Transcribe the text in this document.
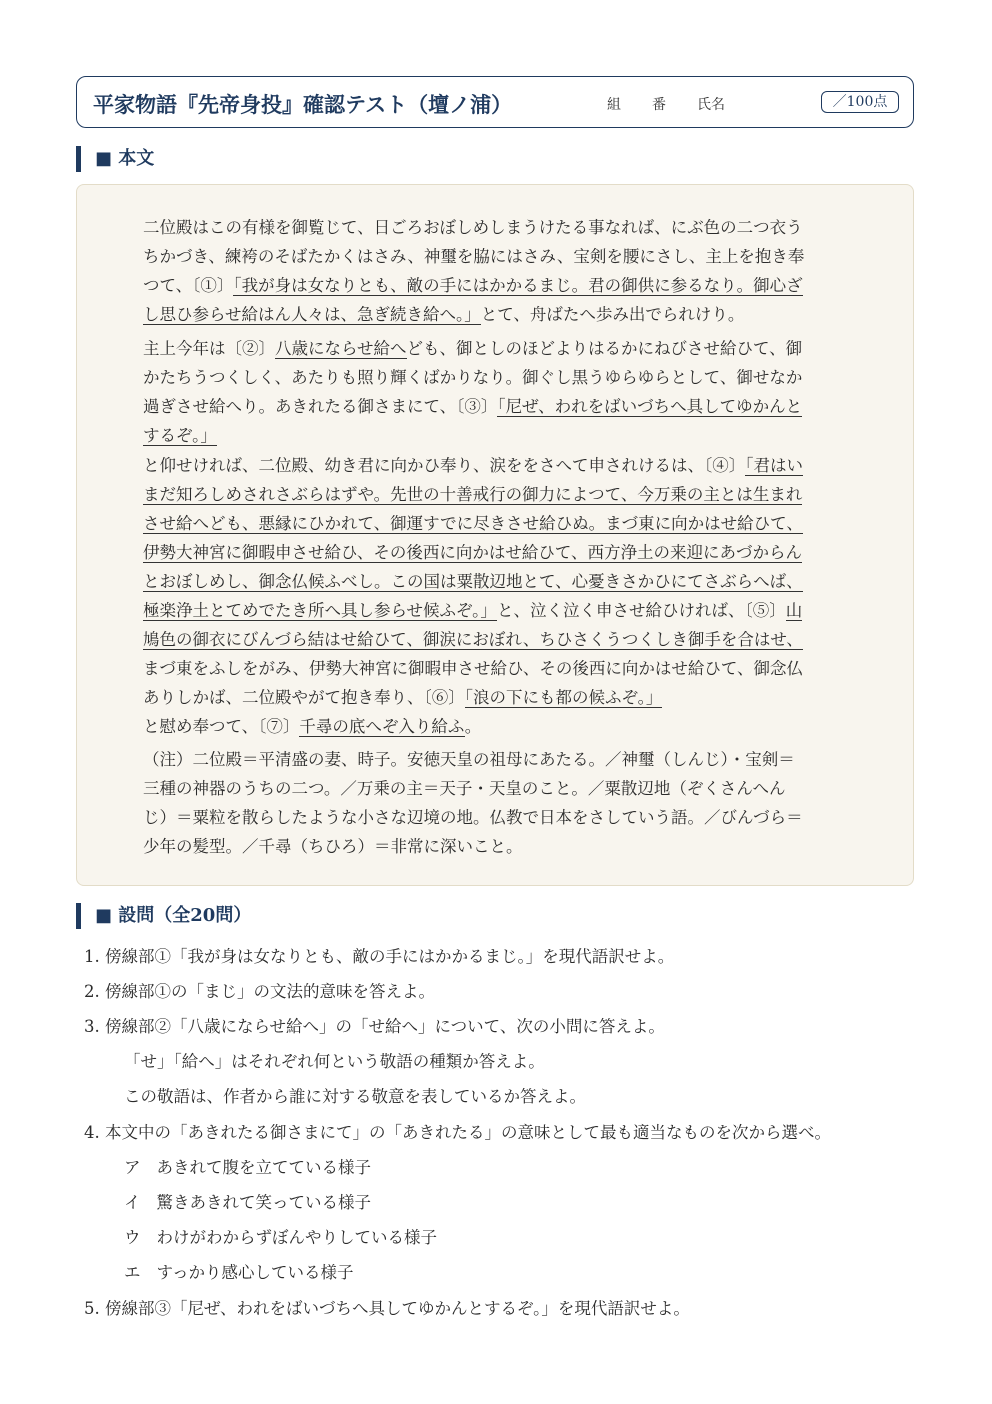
平家物語『先帝身投』確認テスト（壇ノ浦）	組 番 氏名	／100点
■ 本文
二位殿はこの有様を御覧じて、日ごろおぼしめしまうけたる事なれば、にぶ色の二つ衣う
ちかづき、練袴のそばたかくはさみ、神璽を脇にはさみ、宝剣を腰にさし、主上を抱き奉
つて、〔①〕「我が身は女なりとも、敵の手にはかかるまじ。君の御供に参るなり。御心ざ
し思ひ参らせ給はん人々は、急ぎ続き給へ。」とて、舟ばたへ歩み出でられけり。
主上今年は〔②〕八歳にならせ給へども、御としのほどよりはるかにねびさせ給ひて、御
かたちうつくしく、あたりも照り輝くばかりなり。御ぐし黒うゆらゆらとして、御せなか
過ぎさせ給へり。あきれたる御さまにて、〔③〕「尼ぜ、われをばいづちへ具してゆかんと
するぞ。」
と仰せければ、二位殿、幼き君に向かひ奉り、涙ををさへて申されけるは、〔④〕「君はい
まだ知ろしめされさぶらはずや。先世の十善戒行の御力によつて、今万乗の主とは生まれ
させ給へども、悪縁にひかれて、御運すでに尽きさせ給ひぬ。まづ東に向かはせ給ひて、
伊勢大神宮に御暇申させ給ひ、その後西に向かはせ給ひて、西方浄土の来迎にあづからん
とおぼしめし、御念仏候ふべし。この国は粟散辺地とて、心憂きさかひにてさぶらへば、
極楽浄土とてめでたき所へ具し参らせ候ふぞ。」と、泣く泣く申させ給ひければ、〔⑤〕山
鳩色の御衣にびんづら結はせ給ひて、御涙におぼれ、ちひさくうつくしき御手を合はせ、
まづ東をふしをがみ、伊勢大神宮に御暇申させ給ひ、その後西に向かはせ給ひて、御念仏
ありしかば、二位殿やがて抱き奉り、〔⑥〕「浪の下にも都の候ふぞ。」
と慰め奉つて、〔⑦〕千尋の底へぞ入り給ふ。
（注）二位殿＝平清盛の妻、時子。安徳天皇の祖母にあたる。／神璽（しんじ）・宝剣＝
三種の神器のうちの二つ。／万乗の主＝天子・天皇のこと。／粟散辺地（ぞくさんへん
じ）＝粟粒を散らしたような小さな辺境の地。仏教で日本をさしていう語。／びんづら＝
少年の髪型。／千尋（ちひろ）＝非常に深いこと。
■ 設問（全20問）
1. 傍線部①「我が身は女なりとも、敵の手にはかかるまじ。」を現代語訳せよ。
2. 傍線部①の「まじ」の文法的意味を答えよ。
3. 傍線部②「八歳にならせ給へ」の「せ給へ」について、次の小問に答えよ。
「せ」「給へ」はそれぞれ何という敬語の種類か答えよ。
この敬語は、作者から誰に対する敬意を表しているか答えよ。
4. 本文中の「あきれたる御さまにて」の「あきれたる」の意味として最も適当なものを次から選べ。
ア あきれて腹を立てている様子
イ 驚きあきれて笑っている様子
ウ わけがわからずぼんやりしている様子
エ すっかり感心している様子
5. 傍線部③「尼ぜ、われをばいづちへ具してゆかんとするぞ。」を現代語訳せよ。
